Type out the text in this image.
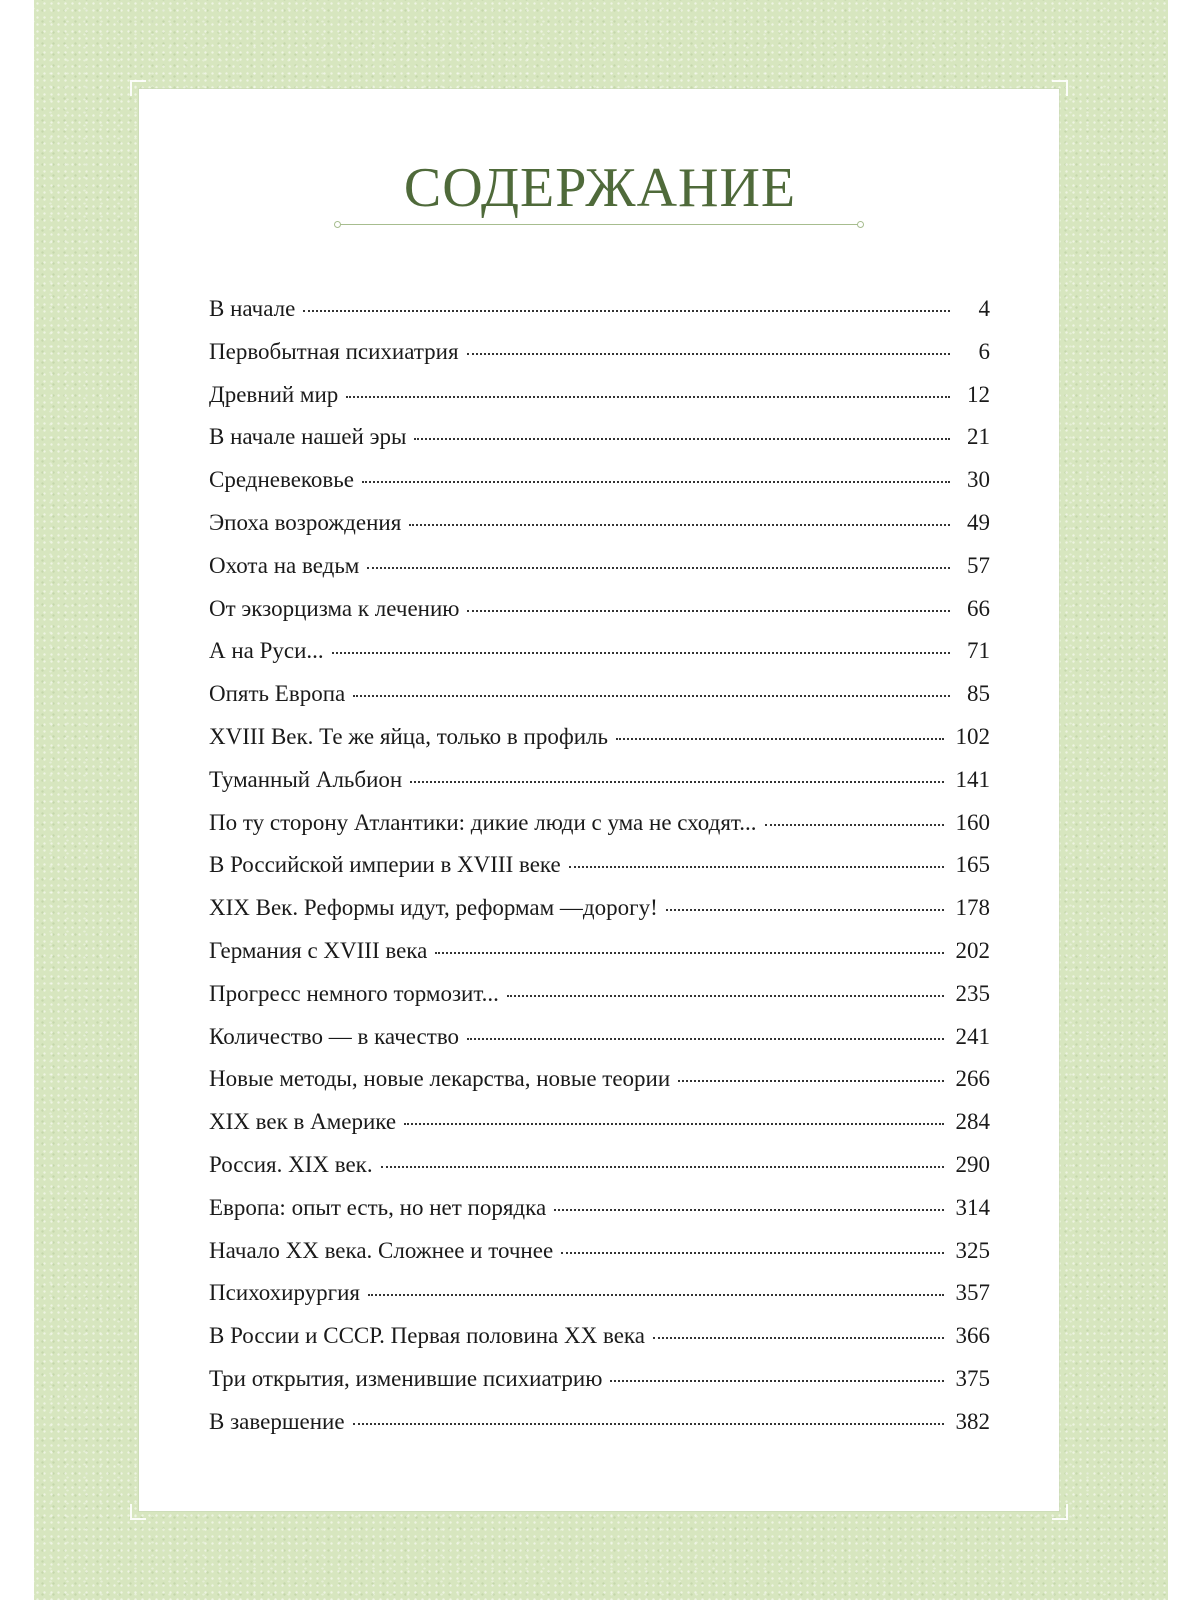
СОДЕРЖАНИЕ
В начале	4
Первобытная психиатрия	6
Древний мир	12
В начале нашей эры	21
Средневековье	30
Эпоха возрождения	49
Охота на ведьм	57
От экзорцизма к лечению	66
А на Руси...	71
Опять Европа	85
XVIII Век. Те же яйца, только в профиль	102
Туманный Альбион	141
По ту сторону Атлантики: дикие люди с ума не сходят...	160
В Российской империи в XVIII веке	165
XIX Век. Реформы идут, реформам —дорогу!	178
Германия с XVIII века	202
Прогресс немного тормозит...	235
Количество — в качество	241
Новые методы, новые лекарства, новые теории	266
XIX век в Америке	284
Россия. XIX век.	290
Европа: опыт есть, но нет порядка	314
Начало XX века. Сложнее и точнее	325
Психохирургия	357
В России и СССР. Первая половина XX века	366
Три открытия, изменившие психиатрию	375
В завершение	382
